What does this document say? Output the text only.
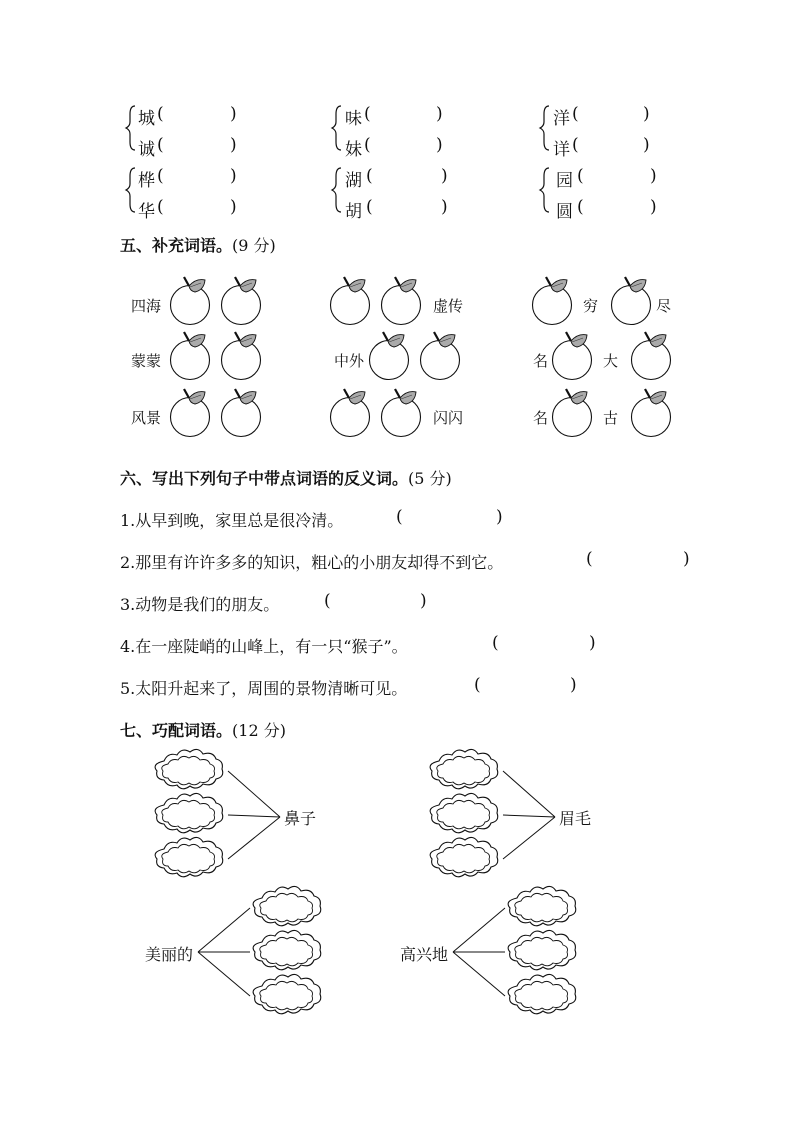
城 (	)
诚 (	)
味 (	)
妹 (	)
洋 (	)
详 (	)
桦 (	)
华 (	)
湖 (	)
胡 (	)
园 (	)
圆 (	)
五、补充词语。(9 分)
四海	虚传	穷	尽
蒙蒙	中外	名	大
风景	闪闪	名	古
六、写出下列句子中带点词语的反义词。(5 分)
1.从早到晚，家里总是很冷清。	(	)
2.那里有许许多多的知识，粗心的小朋友却得不到它。	(	)
3.动物是我们的朋友。	(	)
4.在一座陡峭的山峰上，有一只“猴子”。	(	)
5.太阳升起来了，周围的景物清晰可见。	(	)
七、巧配词语。(12 分)
鼻子	眉毛
美丽的	高兴地
